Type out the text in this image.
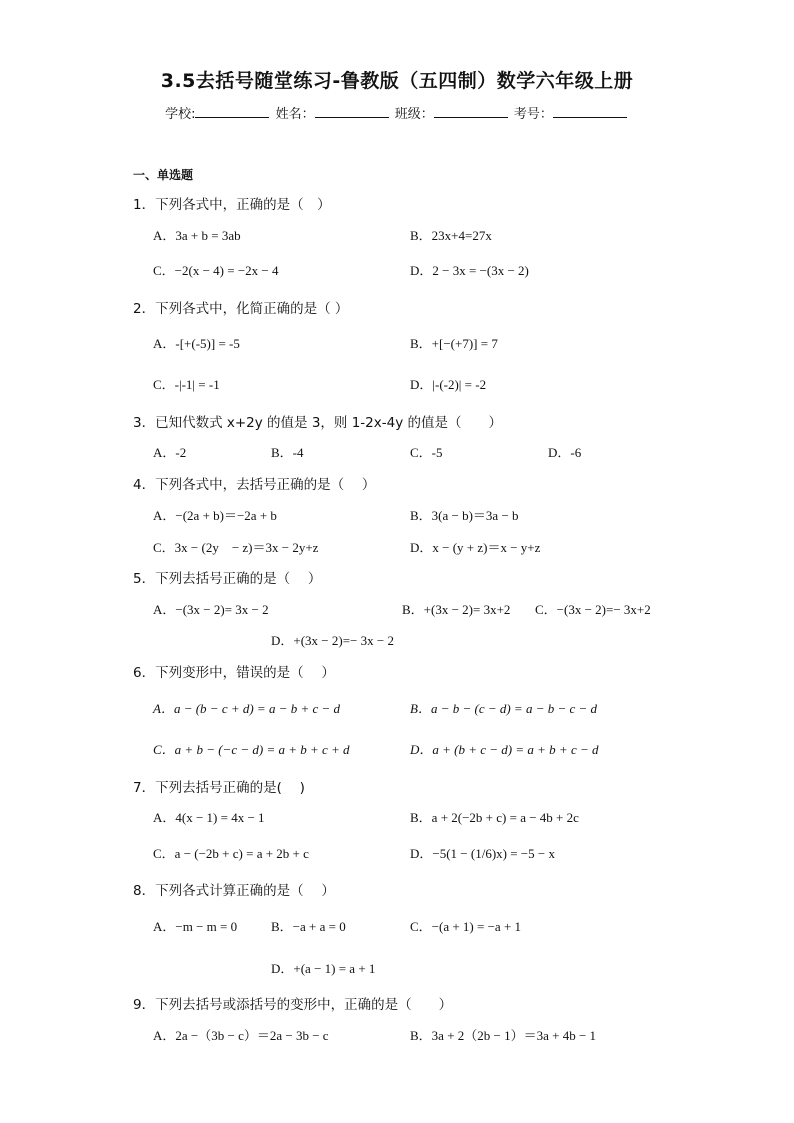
3.5去括号随堂练习-鲁教版（五四制）数学六年级上册
学校:	姓名：	班级：	考号：
一、单选题
1．下列各式中，正确的是（　）
A．3a + b = 3ab	B．23x+4=27x
C．−2(x − 4) = −2x − 4	D．2 − 3x = −(3x − 2)
2．下列各式中，化简正确的是（ ）
A．-[+(-5)] = -5	B．+[−(+7)] = 7
C．-|-1| = -1	D．|-(-2)| = -2
3．已知代数式 x+2y 的值是 3，则 1-2x-4y 的值是（　　）
A．-2	B．-4	C．-5	D．-6
4．下列各式中，去括号正确的是（　 ）
A．−(2a + b)＝−2a + b	B．3(a − b)＝3a − b
C．3x − (2y　− z)＝3x − 2y+z	D．x − (y + z)＝x − y+z
5．下列去括号正确的是（　 ）
A．−(3x − 2)= 3x − 2	B．+(3x − 2)= 3x+2 C．−(3x − 2)=− 3x+2
D．+(3x − 2)=− 3x − 2
6．下列变形中，错误的是（　 ）
A．a − (b − c + d) = a − b + c − d	B．a − b − (c − d) = a − b − c − d
C．a + b − (−c − d) = a + b + c + d	D．a + (b + c − d) = a + b + c − d
7．下列去括号正确的是(　 )
A．4(x − 1) = 4x − 1	B．a + 2(−2b + c) = a − 4b + 2c
C．a − (−2b + c) = a + 2b + c	D．−5(1 − (1/6)x) = −5 − x
8．下列各式计算正确的是（　 ）
A．−m − m = 0	B．−a + a = 0	C．−(a + 1) = −a + 1
D．+(a − 1) = a + 1
9．下列去括号或添括号的变形中，正确的是（　　）
A．2a −（3b − c）＝2a − 3b − c	B．3a + 2（2b − 1）＝3a + 4b − 1
